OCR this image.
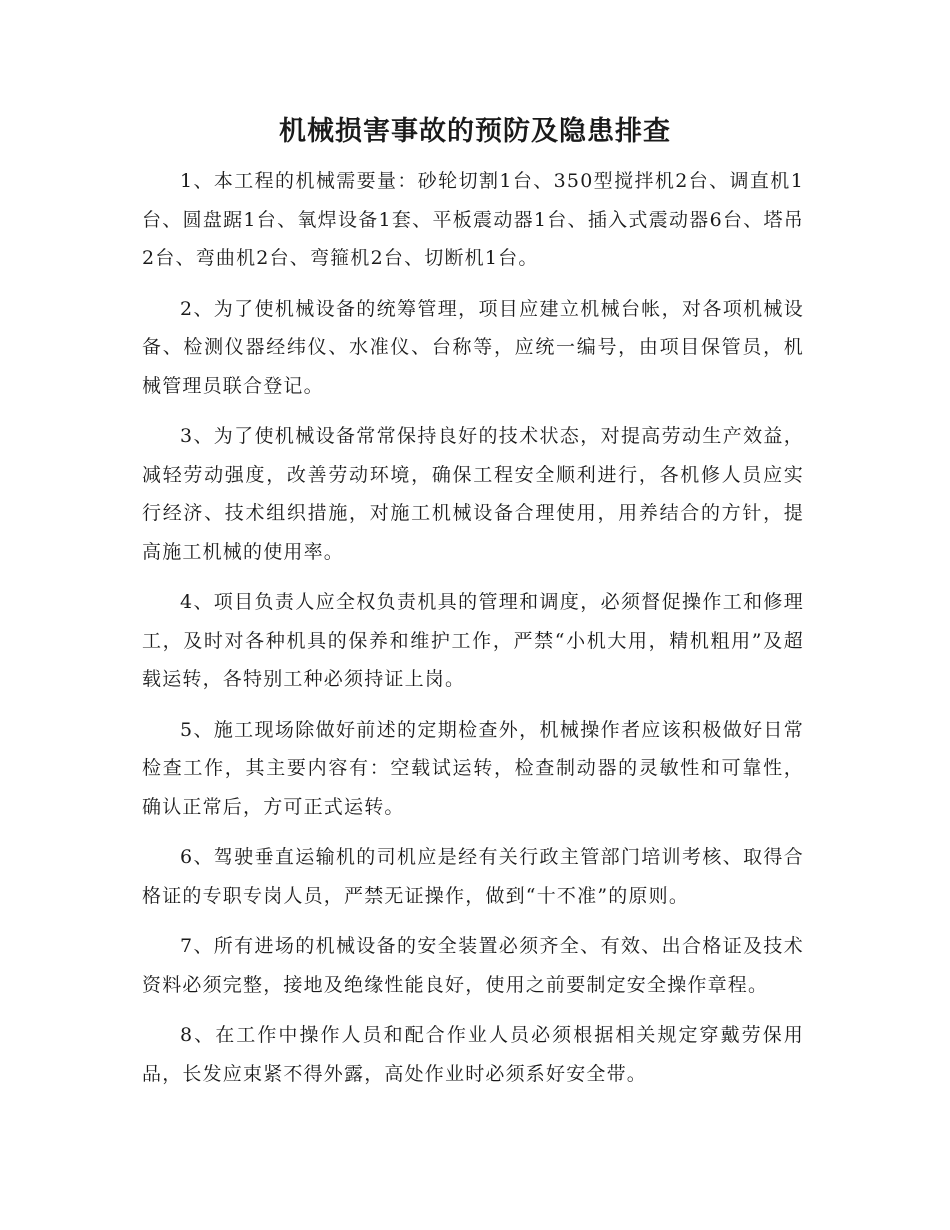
机械损害事故的预防及隐患排查

1、本工程的机械需要量：砂轮切割1台、350型搅拌机2台、调直机1台、圆盘踞1台、氧焊设备1套、平板震动器1台、插入式震动器6台、塔吊2台、弯曲机2台、弯箍机2台、切断机1台。

2、为了使机械设备的统筹管理，项目应建立机械台帐，对各项机械设备、检测仪器经纬仪、水准仪、台称等，应统一编号，由项目保管员，机械管理员联合登记。

3、为了使机械设备常常保持良好的技术状态，对提高劳动生产效益，减轻劳动强度，改善劳动环境，确保工程安全顺利进行，各机修人员应实行经济、技术组织措施，对施工机械设备合理使用，用养结合的方针，提高施工机械的使用率。

4、项目负责人应全权负责机具的管理和调度，必须督促操作工和修理工，及时对各种机具的保养和维护工作，严禁“小机大用，精机粗用”及超载运转，各特别工种必须持证上岗。

5、施工现场除做好前述的定期检查外，机械操作者应该积极做好日常检查工作，其主要内容有：空载试运转，检查制动器的灵敏性和可靠性，确认正常后，方可正式运转。

6、驾驶垂直运输机的司机应是经有关行政主管部门培训考核、取得合格证的专职专岗人员，严禁无证操作，做到“十不准”的原则。

7、所有进场的机械设备的安全装置必须齐全、有效、出合格证及技术资料必须完整，接地及绝缘性能良好，使用之前要制定安全操作章程。

8、在工作中操作人员和配合作业人员必须根据相关规定穿戴劳保用品，长发应束紧不得外露，高处作业时必须系好安全带。
